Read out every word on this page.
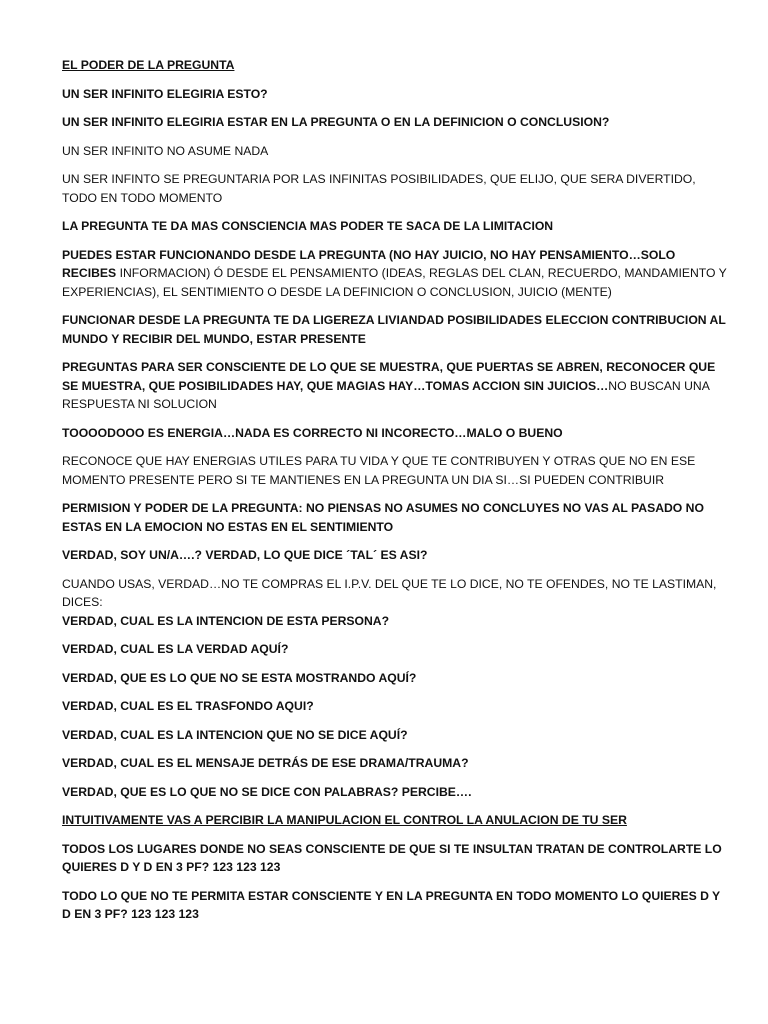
EL PODER DE LA PREGUNTA

UN SER INFINITO ELEGIRIA ESTO?

UN SER INFINITO ELEGIRIA ESTAR EN LA PREGUNTA O EN LA DEFINICION O CONCLUSION?

UN SER INFINITO NO ASUME NADA

UN SER INFINTO SE PREGUNTARIA POR LAS INFINITAS POSIBILIDADES, QUE ELIJO, QUE SERA DIVERTIDO, TODO EN TODO MOMENTO

LA PREGUNTA TE DA MAS CONSCIENCIA MAS PODER TE SACA DE LA LIMITACION

PUEDES ESTAR FUNCIONANDO DESDE LA PREGUNTA (NO HAY JUICIO, NO HAY PENSAMIENTO…SOLO RECIBES INFORMACION) Ó DESDE EL PENSAMIENTO (IDEAS, REGLAS DEL CLAN, RECUERDO, MANDAMIENTO Y EXPERIENCIAS), EL SENTIMIENTO O DESDE LA DEFINICION O CONCLUSION, JUICIO (MENTE)

FUNCIONAR DESDE LA PREGUNTA TE DA LIGEREZA LIVIANDAD POSIBILIDADES ELECCION CONTRIBUCION AL MUNDO Y RECIBIR DEL MUNDO, ESTAR PRESENTE

PREGUNTAS PARA SER CONSCIENTE DE LO QUE SE MUESTRA, QUE PUERTAS SE ABREN, RECONOCER QUE SE MUESTRA, QUE POSIBILIDADES HAY, QUE MAGIAS HAY…TOMAS ACCION SIN JUICIOS…NO BUSCAN UNA RESPUESTA NI SOLUCION

TOOOODOOO ES ENERGIA…NADA ES CORRECTO NI INCORECTO…MALO O BUENO

RECONOCE QUE HAY ENERGIAS UTILES PARA TU VIDA Y QUE TE CONTRIBUYEN Y OTRAS QUE NO EN ESE MOMENTO PRESENTE PERO SI TE MANTIENES EN LA PREGUNTA UN DIA SI…SI PUEDEN CONTRIBUIR

PERMISION Y PODER DE LA PREGUNTA: NO PIENSAS NO ASUMES NO CONCLUYES NO VAS AL PASADO NO ESTAS EN LA EMOCION NO ESTAS EN EL SENTIMIENTO

VERDAD, SOY UN/A….? VERDAD, LO QUE DICE ´TAL´ ES ASI?

CUANDO USAS, VERDAD…NO TE COMPRAS EL I.P.V. DEL QUE TE LO DICE, NO TE OFENDES, NO TE LASTIMAN, DICES:
VERDAD, CUAL ES LA INTENCION DE ESTA PERSONA?

VERDAD, CUAL ES LA VERDAD AQUÍ?

VERDAD, QUE ES LO QUE NO SE ESTA MOSTRANDO AQUÍ?

VERDAD, CUAL ES EL TRASFONDO AQUI?

VERDAD, CUAL ES LA INTENCION QUE NO SE DICE AQUÍ?

VERDAD, CUAL ES EL MENSAJE DETRÁS DE ESE DRAMA/TRAUMA?

VERDAD, QUE ES LO QUE NO SE DICE CON PALABRAS? PERCIBE….

INTUITIVAMENTE VAS A PERCIBIR LA MANIPULACION EL CONTROL LA ANULACION DE TU SER

TODOS LOS LUGARES DONDE NO SEAS CONSCIENTE DE QUE SI TE INSULTAN TRATAN DE CONTROLARTE LO QUIERES D Y D EN 3 PF? 123 123 123

TODO LO QUE NO TE PERMITA ESTAR CONSCIENTE Y EN LA PREGUNTA EN TODO MOMENTO LO QUIERES D Y D EN 3 PF? 123 123 123
